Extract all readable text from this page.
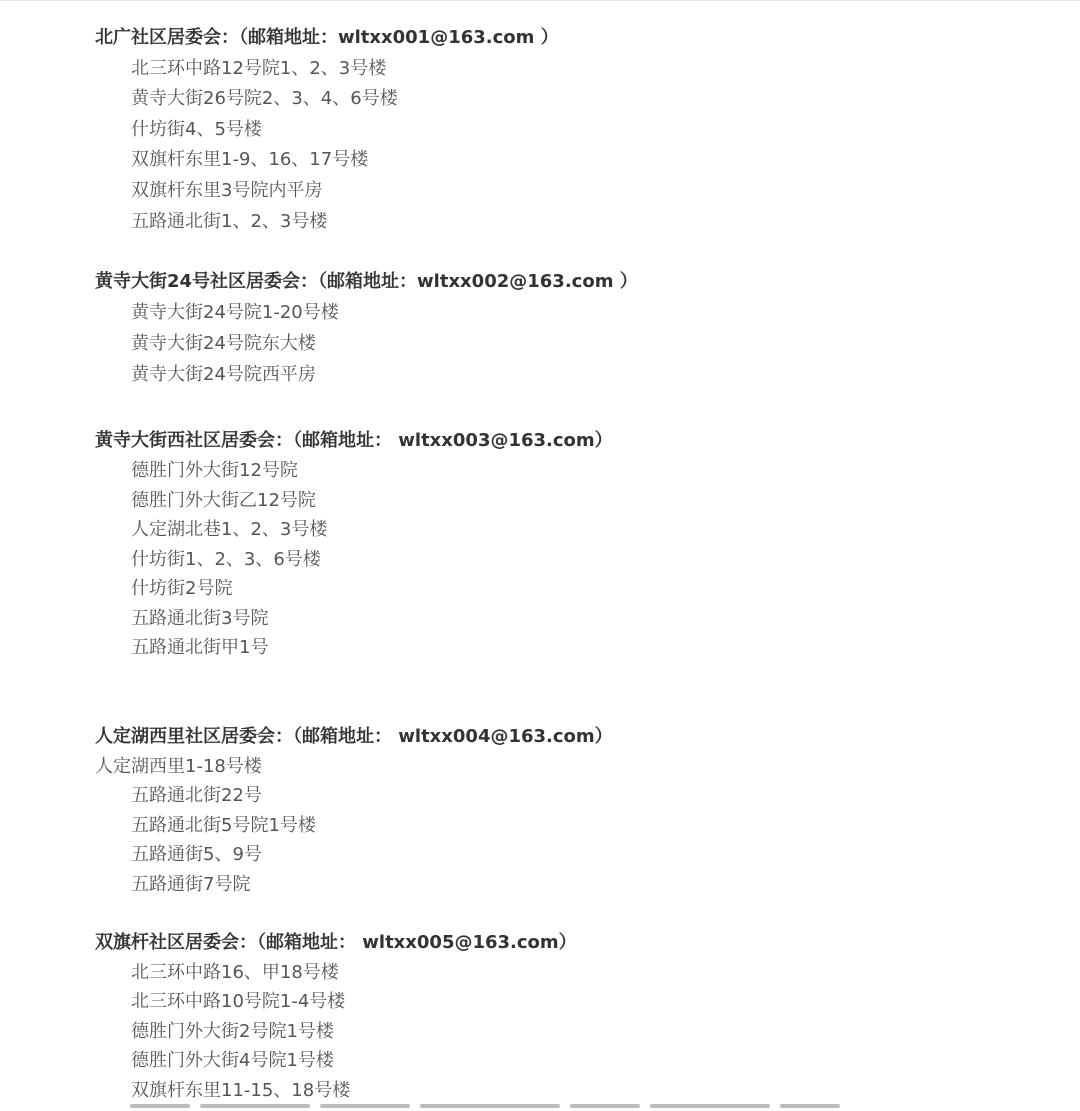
北广社区居委会：（邮箱地址：wltxx001@163.com ）
北三环中路12号院1、2、3号楼
黄寺大街26号院2、3、4、6号楼
什坊街4、5号楼
双旗杆东里1-9、16、17号楼
双旗杆东里3号院内平房
五路通北街1、2、3号楼
黄寺大街24号社区居委会：（邮箱地址：wltxx002@163.com ）
黄寺大街24号院1-20号楼
黄寺大街24号院东大楼
黄寺大街24号院西平房
黄寺大街西社区居委会：（邮箱地址： wltxx003@163.com）
德胜门外大街12号院
德胜门外大街乙12号院
人定湖北巷1、2、3号楼
什坊街1、2、3、6号楼
什坊街2号院
五路通北街3号院
五路通北街甲1号
人定湖西里社区居委会：（邮箱地址： wltxx004@163.com）
人定湖西里1-18号楼
五路通北街22号
五路通北街5号院1号楼
五路通街5、9号
五路通街7号院
双旗杆社区居委会：（邮箱地址： wltxx005@163.com）
北三环中路16、甲18号楼
北三环中路10号院1-4号楼
德胜门外大街2号院1号楼
德胜门外大街4号院1号楼
双旗杆东里11-15、18号楼
